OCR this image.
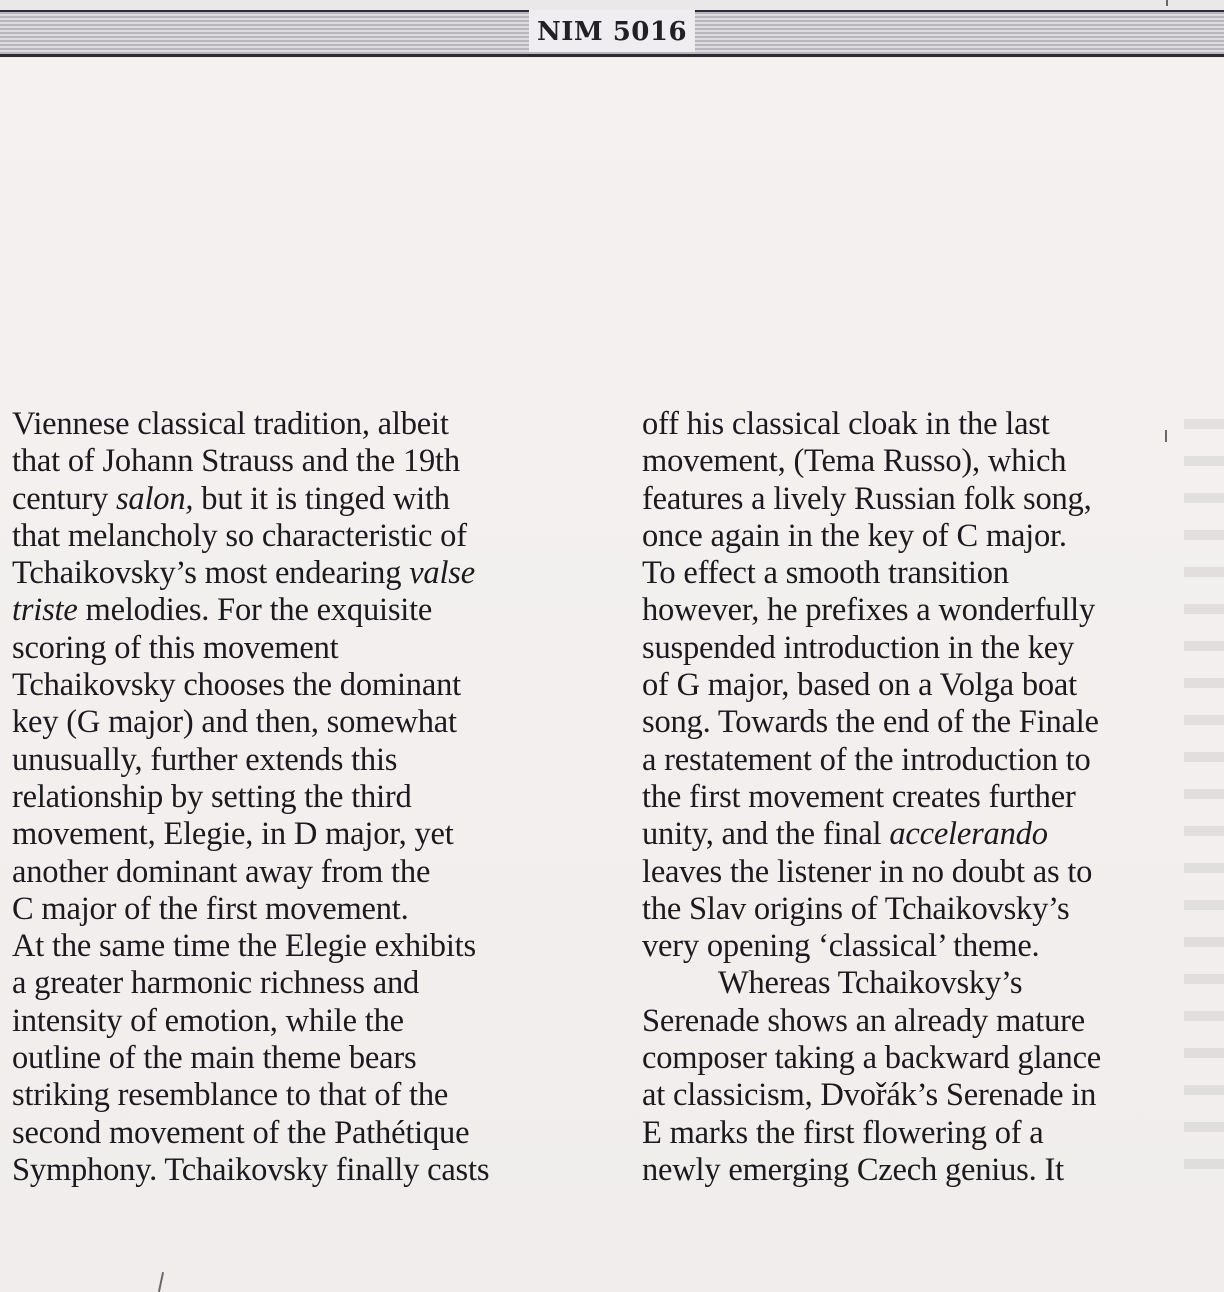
NIM 5016
Viennese classical tradition, albeit
that of Johann Strauss and the 19th
century salon, but it is tinged with
that melancholy so characteristic of
Tchaikovsky’s most endearing valse
triste melodies. For the exquisite
scoring of this movement
Tchaikovsky chooses the dominant
key (G major) and then, somewhat
unusually, further extends this
relationship by setting the third
movement, Elegie, in D major, yet
another dominant away from the
C major of the first movement.
At the same time the Elegie exhibits
a greater harmonic richness and
intensity of emotion, while the
outline of the main theme bears
striking resemblance to that of the
second movement of the Pathétique
Symphony. Tchaikovsky finally casts
off his classical cloak in the last
movement, (Tema Russo), which
features a lively Russian folk song,
once again in the key of C major.
To effect a smooth transition
however, he prefixes a wonderfully
suspended introduction in the key
of G major, based on a Volga boat
song. Towards the end of the Finale
a restatement of the introduction to
the first movement creates further
unity, and the final accelerando
leaves the listener in no doubt as to
the Slav origins of Tchaikovsky’s
very opening ‘classical’ theme.
Whereas Tchaikovsky’s
Serenade shows an already mature
composer taking a backward glance
at classicism, Dvořák’s Serenade in
E marks the first flowering of a
newly emerging Czech genius. It
